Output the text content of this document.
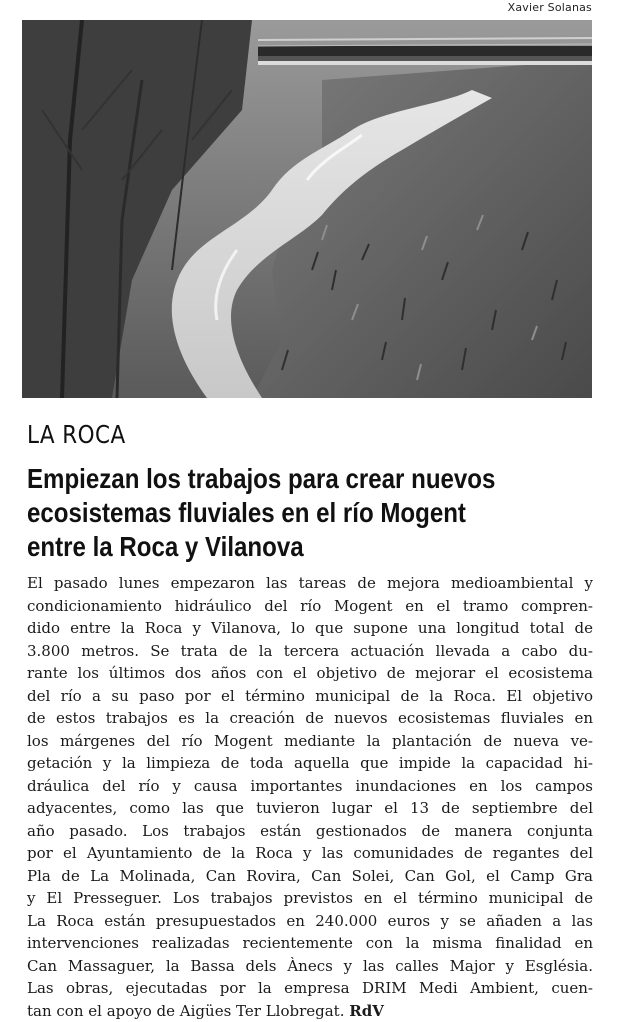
Xavier Solanas
LA ROCA
Empiezan los trabajos para crear nuevos
ecosistemas fluviales en el río Mogent
entre la Roca y Vilanova
El pasado lunes empezaron las tareas de mejora medioambiental y
condicionamiento hidráulico del río Mogent en el tramo compren-
dido entre la Roca y Vilanova, lo que supone una longitud total de
3.800 metros. Se trata de la tercera actuación llevada a cabo du-
rante los últimos dos años con el objetivo de mejorar el ecosistema
del río a su paso por el término municipal de la Roca. El objetivo
de estos trabajos es la creación de nuevos ecosistemas fluviales en
los márgenes del río Mogent mediante la plantación de nueva ve-
getación y la limpieza de toda aquella que impide la capacidad hi-
dráulica del río y causa importantes inundaciones en los campos
adyacentes, como las que tuvieron lugar el 13 de septiembre del
año pasado. Los trabajos están gestionados de manera conjunta
por el Ayuntamiento de la Roca y las comunidades de regantes del
Pla de La Molinada, Can Rovira, Can Solei, Can Gol, el Camp Gra
y El Presseguer. Los trabajos previstos en el término municipal de
La Roca están presupuestados en 240.000 euros y se añaden a las
intervenciones realizadas recientemente con la misma finalidad en
Can Massaguer, la Bassa dels Ànecs y las calles Major y Església.
Las obras, ejecutadas por la empresa DRIM Medi Ambient, cuen-
tan con el apoyo de Aigües Ter Llobregat. RdV
